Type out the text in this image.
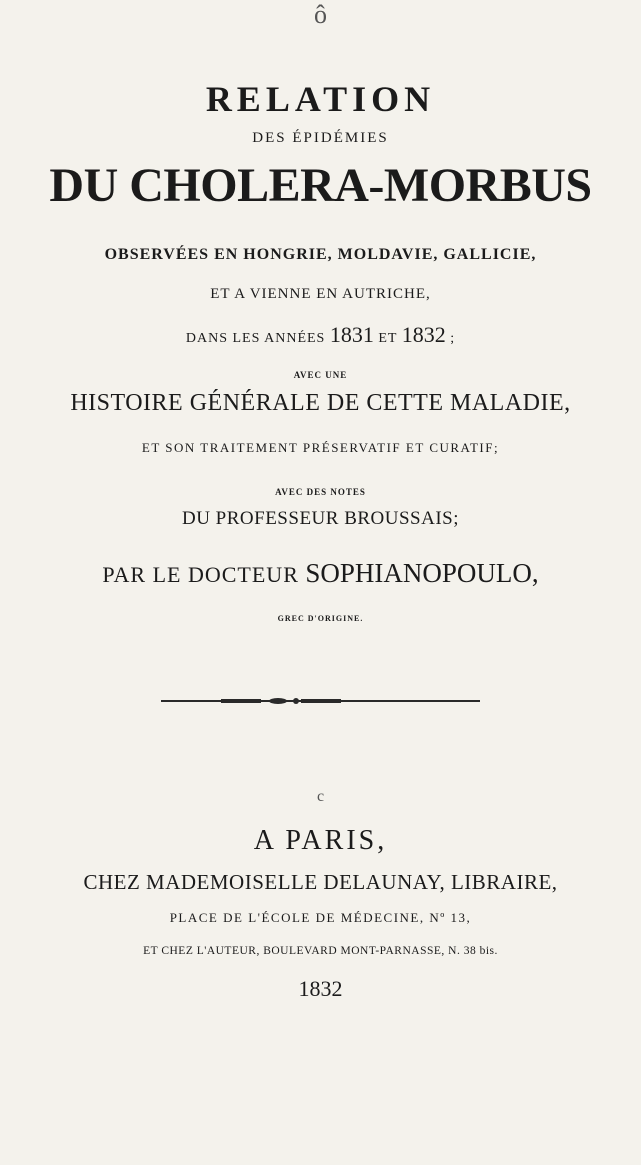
ô
RELATION
DES ÉPIDÉMIES
DU CHOLERA-MORBUS
OBSERVÉES EN HONGRIE, MOLDAVIE, GALLICIE,
ET A VIENNE EN AUTRICHE,
DANS LES ANNÉES 1831 ET 1832 ;
AVEC UNE
HISTOIRE GÉNÉRALE DE CETTE MALADIE,
ET SON TRAITEMENT PRÉSERVATIF ET CURATIF;
AVEC DES NOTES
DU PROFESSEUR BROUSSAIS;
PAR LE DOCTEUR SOPHIANOPOULO,
GREC D'ORIGINE.
c
A PARIS,
CHEZ MADEMOISELLE DELAUNAY, LIBRAIRE,
PLACE DE L'ÉCOLE DE MÉDECINE, Nº 13,
ET CHEZ L'AUTEUR, BOULEVARD MONT-PARNASSE, N. 38 bis.
1832
